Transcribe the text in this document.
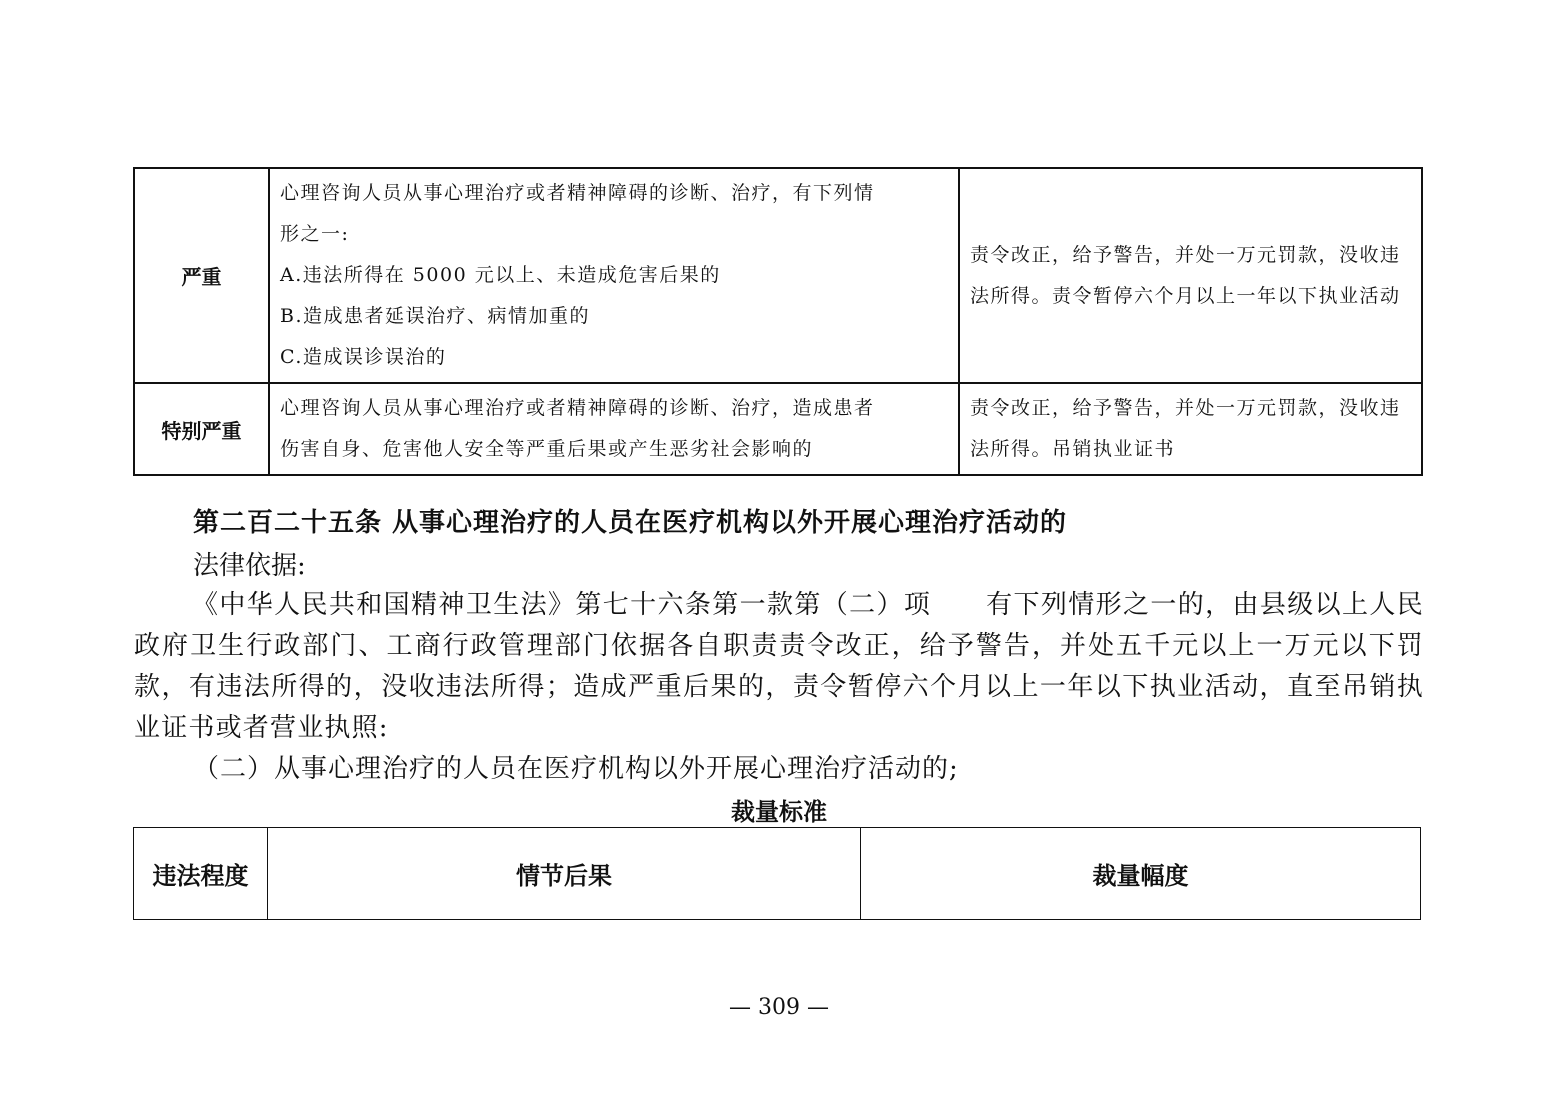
严重	心理咨询人员从事心理治疗或者精神障碍的诊断、治疗，有下列情
形之一:
A.违法所得在 5000 元以上、未造成危害后果的
B.造成患者延误治疗、病情加重的
C.造成误诊误治的	责令改正，给予警告，并处一万元罚款，没收违
法所得。责令暂停六个月以上一年以下执业活动

特别严重	心理咨询人员从事心理治疗或者精神障碍的诊断、治疗，造成患者
伤害自身、危害他人安全等严重后果或产生恶劣社会影响的	责令改正，给予警告，并处一万元罚款，没收违
法所得。吊销执业证书
第二百二十五条 从事心理治疗的人员在医疗机构以外开展心理治疗活动的
法律依据:
《中华人民共和国精神卫生法》第七十六条第一款第（二）项　　有下列情形之一的，由县级以上人民政府卫生行政部门、工商行政管理部门依据各自职责责令改正，给予警告，并处五千元以上一万元以下罚款，有违法所得的，没收违法所得；造成严重后果的，责令暂停六个月以上一年以下执业活动，直至吊销执业证书或者营业执照:
（二）从事心理治疗的人员在医疗机构以外开展心理治疗活动的;
裁量标准
违法程度	情节后果	裁量幅度
— 309 —
